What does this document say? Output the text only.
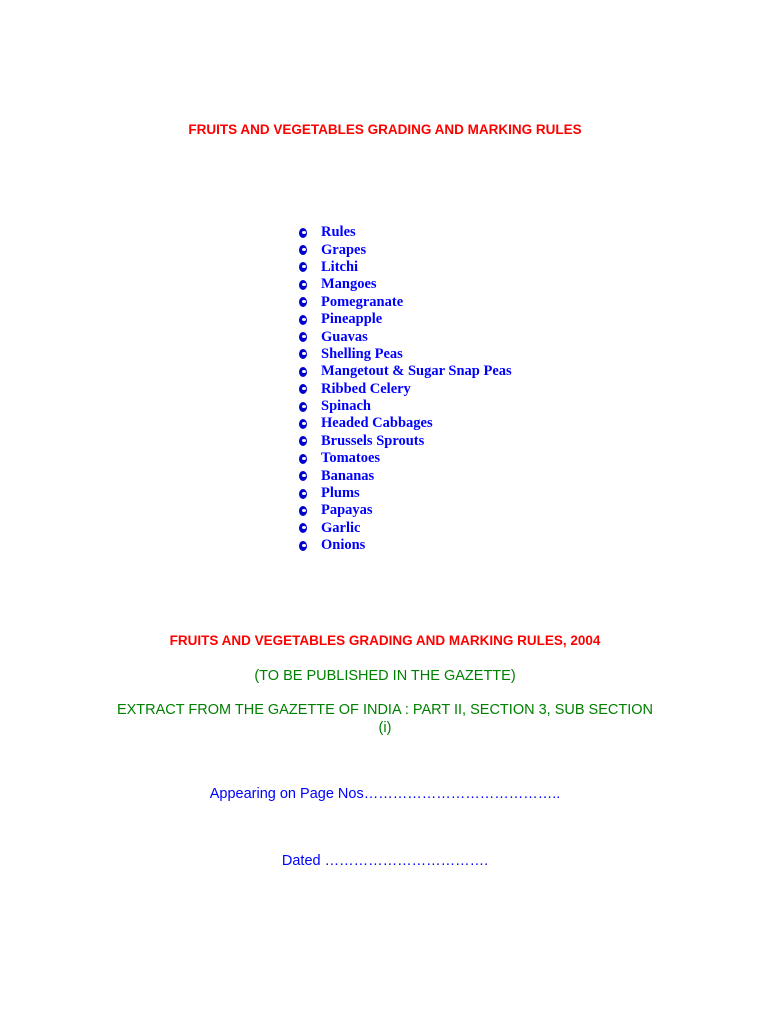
FRUITS AND VEGETABLES GRADING AND MARKING RULES
Rules
Grapes
Litchi
Mangoes
Pomegranate
Pineapple
Guavas
Shelling Peas
Mangetout & Sugar Snap Peas
Ribbed Celery
Spinach
Headed Cabbages
Brussels Sprouts
Tomatoes
Bananas
Plums
Papayas
Garlic
Onions
FRUITS AND VEGETABLES GRADING AND MARKING RULES, 2004

(TO BE PUBLISHED IN THE GAZETTE)

EXTRACT FROM THE GAZETTE OF INDIA : PART II, SECTION 3, SUB SECTION

(i)

Appearing on Page Nos…………………………………..

Dated …………………………….
